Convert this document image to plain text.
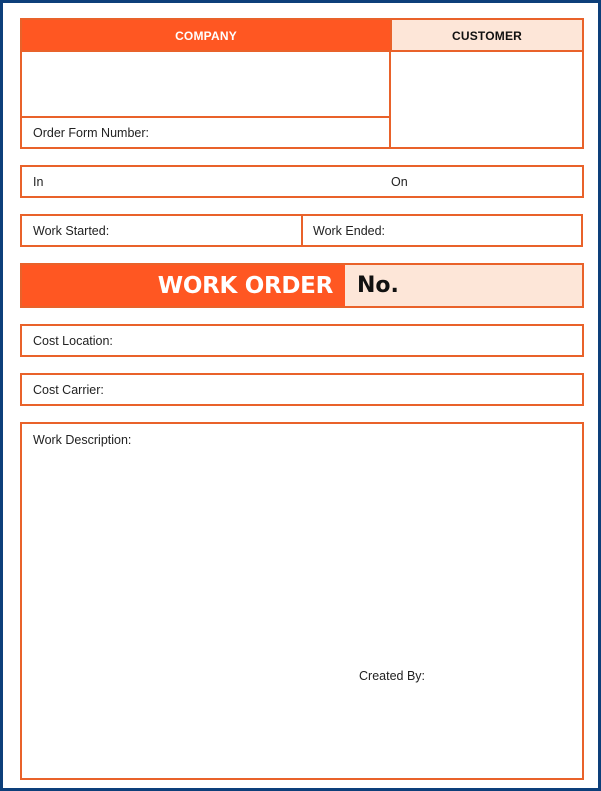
COMPANY	CUSTOMER
Order Form Number:
In	On
Work Started:	Work Ended:
WORK ORDER No.
Cost Location:
Cost Carrier:
Work Description:
Created By:
